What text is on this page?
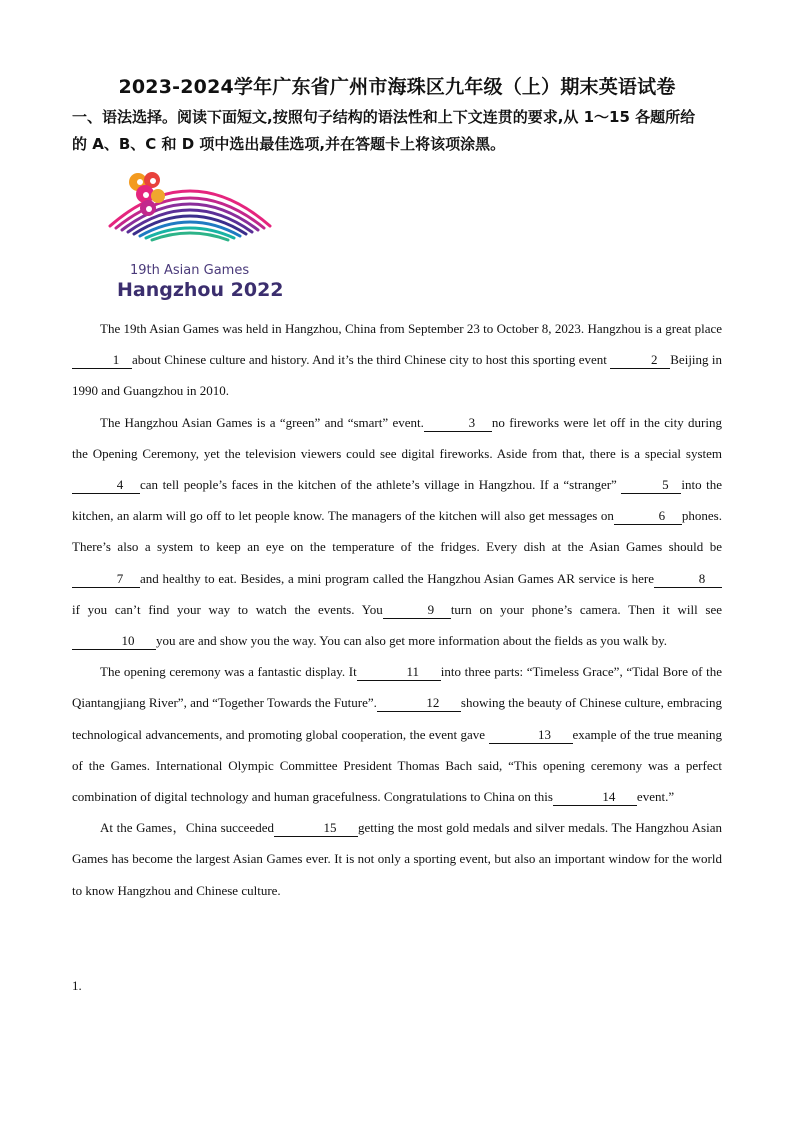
2023-2024学年广东省广州市海珠区九年级（上）期末英语试卷
一、语法选择。阅读下面短文,按照句子结构的语法性和上下文连贯的要求,从 1～15 各题所给
的 A、B、C 和 D 项中选出最佳选项,并在答题卡上将该项涂黑。
19th Asian Games
Hangzhou 2022

The 19th Asian Games was held in Hangzhou, China from September 23 to October 8, 2023. Hangzhou is a great place1 about Chinese culture and history. And it’s the third Chinese city to host this sporting event	2 Beijing in 1990 and Guangzhou in 2010.

The Hangzhou Asian Games is a “green” and “smart” event.	3 no fireworks were let off in the city during the Opening Ceremony, yet the television viewers could see digital fireworks. Aside from that, there is a special system4 can tell people’s faces in the kitchen of the athlete’s village in Hangzhou. If a “stranger”	5 into the kitchen, an alarm will go off to let people know. The managers of the kitchen will also get messages on	6 phones. There’s also a system to keep an eye on the temperature of the fridges. Every dish at the Asian Games should be7 and healthy to eat. Besides, a mini program called the Hangzhou Asian Games AR service is here	8if you can’t find your way to watch the events. You	9 turn on your phone’s camera. Then it will see10 you are and show you the way. You can also get more information about the fields as you walk by.

The opening ceremony was a fantastic display. It	11 into three parts: “Timeless Grace”, “Tidal Bore of the Qiantangjiang River”, and “Together Towards the Future”.	12 showing the beauty of Chinese culture, embracing technological advancements, and promoting global cooperation, the event gave	13 example of the true meaning of the Games. International Olympic Committee President Thomas Bach said, “This opening ceremony was a perfect combination of digital technology and human gracefulness. Congratulations to China on this	14 event.”

At the Games，China succeeded	15 getting the most gold medals and silver medals. The Hangzhou Asian Games has become the largest Asian Games ever. It is not only a sporting event, but also an important window for the world to know Hangzhou and Chinese culture.

1.
